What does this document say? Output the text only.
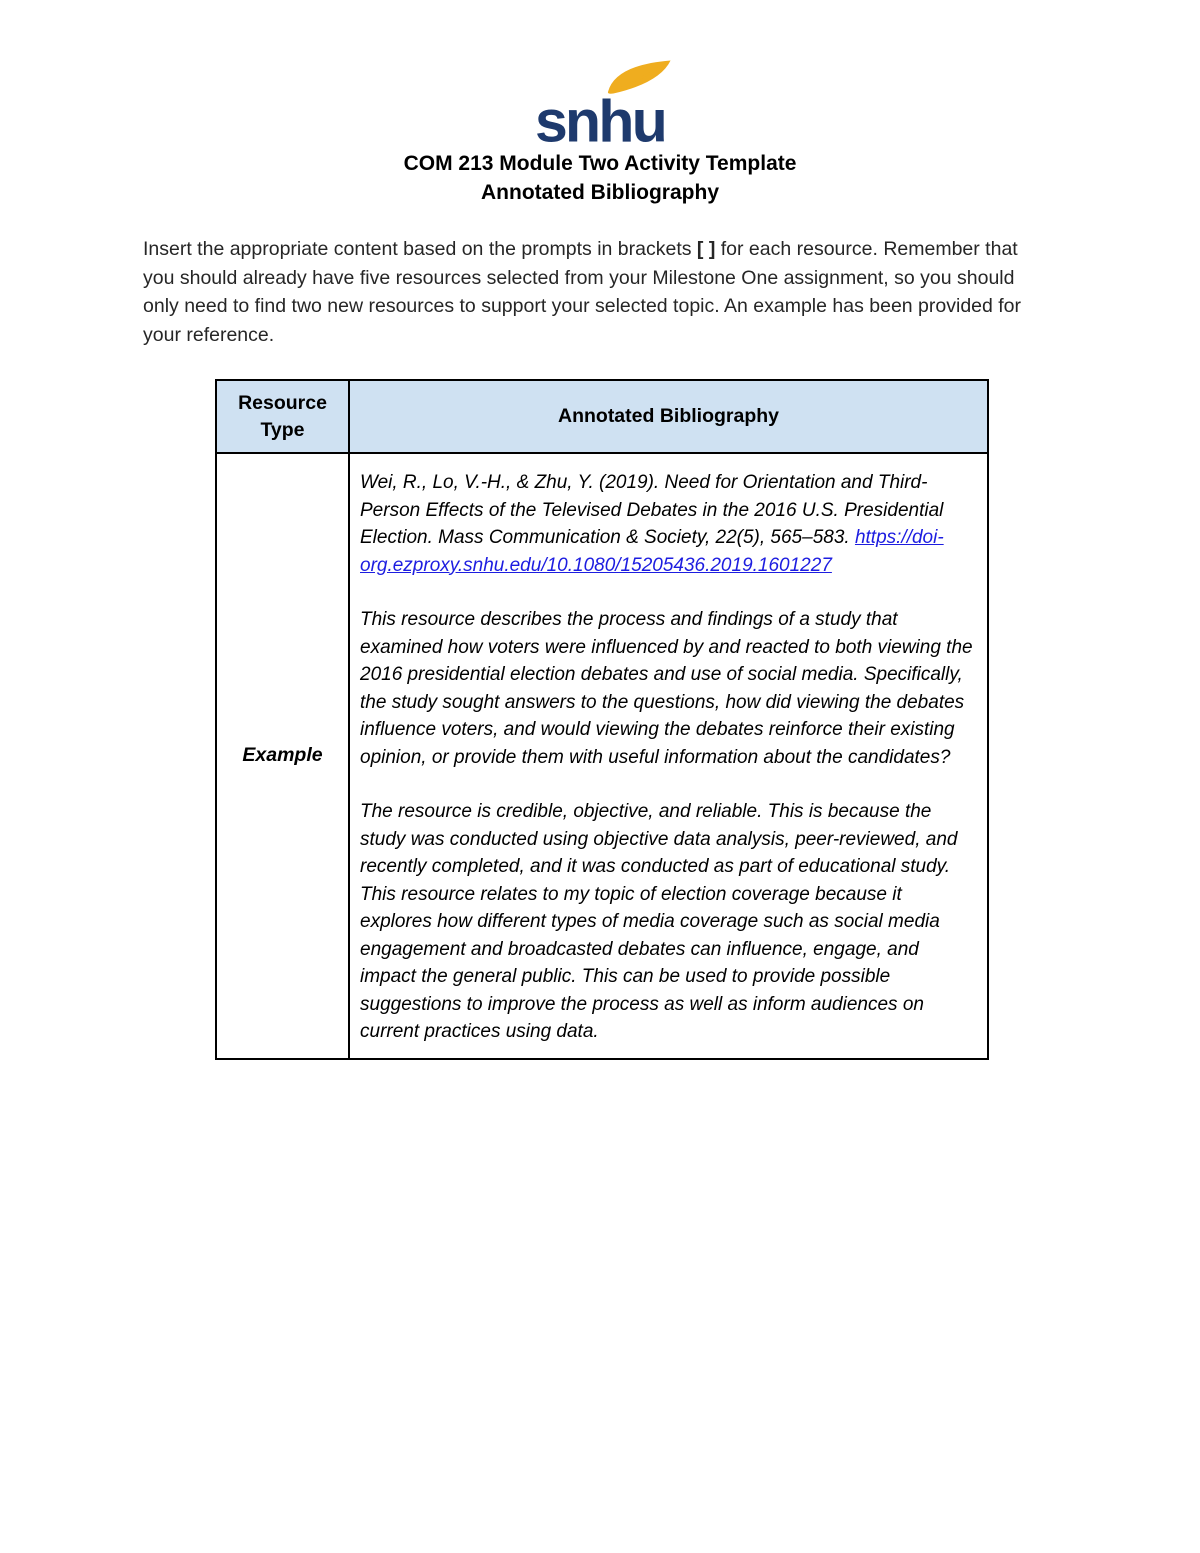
snhu
COM 213 Module Two Activity Template
Annotated Bibliography
Insert the appropriate content based on the prompts in brackets [ ] for each resource. Remember that you should already have five resources selected from your Milestone One assignment, so you should only need to find two new resources to support your selected topic. An example has been provided for your reference.
Resource Type	Annotated Bibliography
Example	Wei, R., Lo, V.-H., & Zhu, Y. (2019). Need for Orientation and Third-Person Effects of the Televised Debates in the 2016 U.S. Presidential Election. Mass Communication & Society, 22(5), 565–583. https://doi-org.ezproxy.snhu.edu/10.1080/15205436.2019.1601227

This resource describes the process and findings of a study that examined how voters were influenced by and reacted to both viewing the 2016 presidential election debates and use of social media. Specifically, the study sought answers to the questions, how did viewing the debates influence voters, and would viewing the debates reinforce their existing opinion, or provide them with useful information about the candidates?

The resource is credible, objective, and reliable. This is because the study was conducted using objective data analysis, peer-reviewed, and recently completed, and it was conducted as part of educational study. This resource relates to my topic of election coverage because it explores how different types of media coverage such as social media engagement and broadcasted debates can influence, engage, and impact the general public. This can be used to provide possible suggestions to improve the process as well as inform audiences on current practices using data.
